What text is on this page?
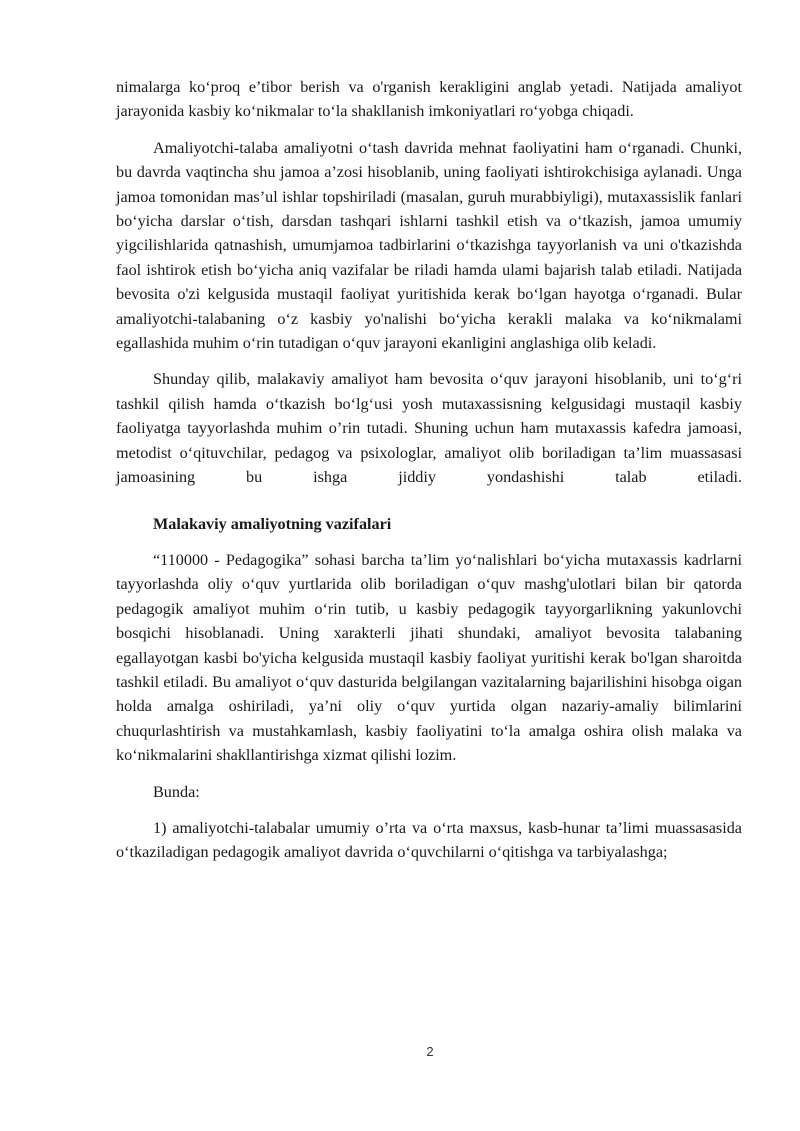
nimalarga ko‘proq e’tibor berish va o'rganish kerakligini anglab yetadi. Natijada amaliyot jarayonida kasbiy ko‘nikmalar to‘la shakllanish imkoniyatlari ro‘yobga chiqadi.

Amaliyotchi-talaba amaliyotni o‘tash davrida mehnat faoliyatini ham o‘rganadi. Chunki, bu davrda vaqtincha shu jamoa a’zosi hisoblanib, uning faoliyati ishtirokchisiga aylanadi. Unga jamoa tomonidan mas’ul ishlar topshiriladi (masalan, guruh murabbiyligi), mutaxassislik fanlari bo‘yicha darslar o‘tish, darsdan tashqari ishlarni tashkil etish va o‘tkazish, jamoa umumiy yigcilishlarida qatnashish, umumjamoa tadbirlarini o‘tkazishga tayyorlanish va uni o'tkazishda faol ishtirok etish bo‘yicha aniq vazifalar be riladi hamda ulami bajarish talab etiladi. Natijada bevosita o'zi kelgusida mustaqil faoliyat yuritishida kerak bo‘lgan hayotga o‘rganadi. Bular amaliyotchi-talabaning o‘z kasbiy yo'nalishi bo‘yicha kerakli malaka va ko‘nikmalami egallashida muhim o‘rin tutadigan o‘quv jarayoni ekanligini anglashiga olib keladi.

Shunday qilib, malakaviy amaliyot ham bevosita o‘quv jarayoni hisoblanib, uni to‘g‘ri tashkil qilish hamda o‘tkazish bo‘lg‘usi yosh mutaxassisning kelgusidagi mustaqil kasbiy faoliyatga tayyorlashda muhim o’rin tutadi. Shuning uchun ham mutaxassis kafedra jamoasi, metodist o‘qituvchilar, pedagog va psixologlar, amaliyot olib boriladigan ta’lim muassasasi jamoasining bu ishga jiddiy yondashishi talab etiladi.

Malakaviy amaliyotning vazifalari

“110000 - Pedagogika” sohasi barcha ta’lim yo‘nalishlari bo‘yicha mutaxassis kadrlarni tayyorlashda oliy o‘quv yurtlarida olib boriladigan o‘quv mashg'ulotlari bilan bir qatorda pedagogik amaliyot muhim o‘rin tutib, u kasbiy pedagogik tayyorgarlikning yakunlovchi bosqichi hisoblanadi. Uning xarakterli jihati shundaki, amaliyot bevosita talabaning egallayotgan kasbi bo'yicha kelgusida mustaqil kasbiy faoliyat yuritishi kerak bo'lgan sharoitda tashkil etiladi. Bu amaliyot o‘quv dasturida belgilangan vazitalarning bajarilishini hisobga oigan holda amalga oshiriladi, ya’ni oliy o‘quv yurtida olgan nazariy-amaliy bilimlarini chuqurlashtirish va mustahkamlash, kasbiy faoliyatini to‘la amalga oshira olish malaka va ko‘nikmalarini shakllantirishga xizmat qilishi lozim.

Bunda:

1) amaliyotchi-talabalar umumiy o’rta va o‘rta maxsus, kasb-hunar ta’limi muassasasida o‘tkaziladigan pedagogik amaliyot davrida o‘quvchilarni o‘qitishga va tarbiyalashga;

2
